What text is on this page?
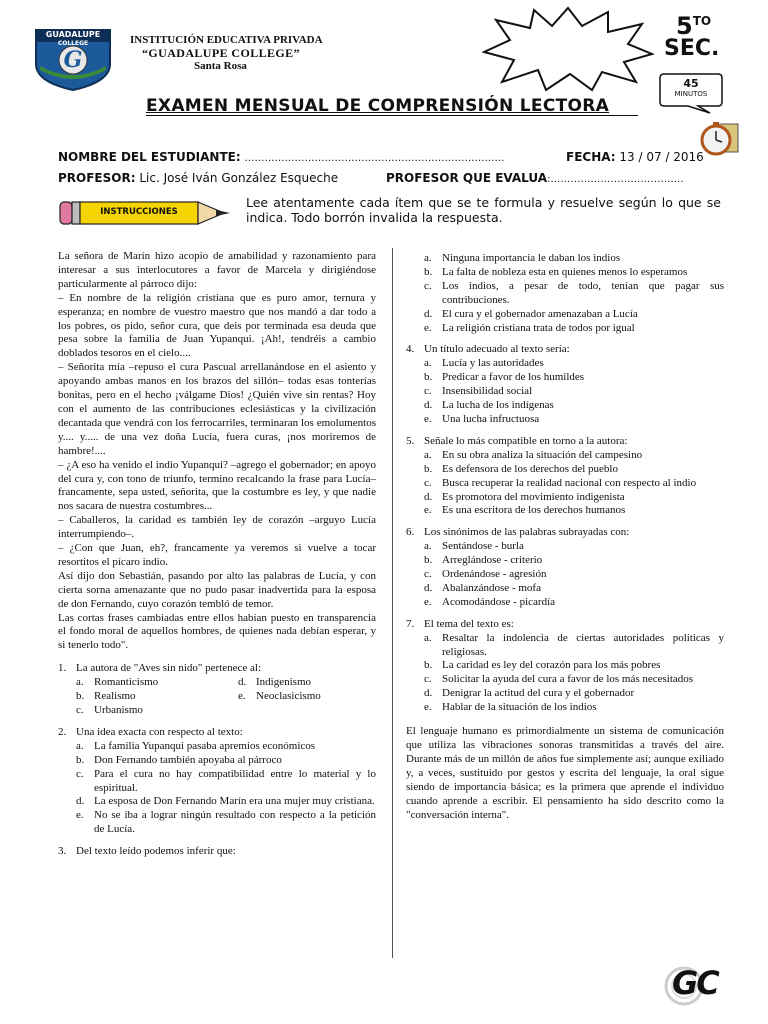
GUADALUPE
COLLEGE
G
INSTITUCIÓN EDUCATIVA PRIVADA
“GUADALUPE COLLEGE”
Santa Rosa
$5^{TO}$
SEC.
45
MINUTOS
EXAMEN MENSUAL DE COMPRENSIÓN LECTORA
NOMBRE DEL ESTUDIANTE: ……………………………………………………………………	FECHA: 13 / 07 / 2016
PROFESOR: Lic. José Iván González Esqueche	PROFESOR QUE EVALUA:………………………………….
INSTRUCCIONES
Lee atentamente cada ítem que se te formula y resuelve según lo que se indica. Todo borrón invalida la respuesta.

La señora de Marín hizo acopio de amabilidad y razonamiento para interesar a sus interlocutores a favor de Marcela y dirigiéndose particularmente al párroco dijo:

– En nombre de la religión cristiana que es puro amor, ternura y esperanza; en nombre de vuestro maestro que nos mandó a dar todo a los pobres, os pido, señor cura, que deis por terminada esa deuda que pesa sobre la familia de Juan Yupanqui. ¡Ah!, tendréis a cambio doblados tesoros en el cielo....

– Señorita mía –repuso el cura Pascual arrellanándose en el asiento y apoyando ambas manos en los brazos del sillón– todas esas tonterías bonitas, pero en el hecho ¡válgame Dios! ¿Quién vive sin rentas? Hoy con el aumento de las contribuciones eclesiásticas y la civilización decantada que vendrá con los ferrocarriles, terminaran los emolumentos y.... y..... de una vez doña Lucía, fuera curas, ¡nos moriremos de hambre!....

– ¿A eso ha venido el indio Yupanqui? –agrego el gobernador; en apoyo del cura y, con tono de triunfo, termino recalcando la frase para Lucía– francamente, sepa usted, señorita, que la costumbre es ley, y que nadie nos sacara de nuestra costumbres...

– Caballeros, la caridad es también ley de corazón –arguyo Lucía interrumpiendo–.

– ¿Con que Juan, eh?, francamente ya veremos si vuelve a tocar resortitos el pícaro indio.

Así dijo don Sebastián, pasando por alto las palabras de Lucía, y con cierta sorna amenazante que no pudo pasar inadvertida para la esposa de don Fernando, cuyo corazón tembló de temor.

Las cortas frases cambiadas entre ellos habían puesto en transparencia el fondo moral de aquellos hombres, de quienes nada debían esperar, y si tenerlo todo".

1. La autora de "Aves sin nido" pertenece al:
a. Romanticismo
b. Realismo
c. Urbanismo
d. Indigenismo
e. Neoclasicismo
2. Una idea exacta con respecto al texto:
a. La familia Yupanqui pasaba apremios económicos
b. Don Fernando también apoyaba al párroco
c. Para el cura no hay compatibilidad entre lo material y lo espiritual.
d. La esposa de Don Fernando Marín era una mujer muy cristiana.
e. No se iba a lograr ningún resultado con respecto a la petición de Lucía.
3. Del texto leído podemos inferir que:
a. Ninguna importancia le daban los indios
b. La falta de nobleza esta en quienes menos lo esperamos
c. Los indios, a pesar de todo, tenían que pagar sus contribuciones.
d. El cura y el gobernador amenazaban a Lucía
e. La religión cristiana trata de todos por igual
4. Un título adecuado al texto sería:
a. Lucía y las autoridades
b. Predicar a favor de los humildes
c. Insensibilidad social
d. La lucha de los indígenas
e. Una lucha infructuosa
5. Señale lo más compatible en torno a la autora:
a. En su obra analiza la situación del campesino
b. Es defensora de los derechos del pueblo
c. Busca recuperar la realidad nacional con respecto al indio
d. Es promotora del movimiento indigenista
e. Es una escritora de los derechos humanos
6. Los sinónimos de las palabras subrayadas con:
a. Sentándose - burla
b. Arreglándose - criterio
c. Ordenándose - agresión
d. Abalanzándose - mofa
e. Acomodándose - picardía
7. El tema del texto es:
a. Resaltar la indolencia de ciertas autoridades políticas y religiosas.
b. La caridad es ley del corazón para los más pobres
c. Solicitar la ayuda del cura a favor de los más necesitados
d. Denigrar la actitud del cura y el gobernador
e. Hablar de la situación de los indios

El lenguaje humano es primordialmente un sistema de comunicación que utiliza las vibraciones sonoras transmitidas a través del aire. Durante más de un millón de años fue simplemente así; aunque exiliado y, a veces, sustituido por gestos y escrita del lenguaje, la oral sigue siendo de importancia básica; es la primera que aprende el individuo cuando aprende a escribir. El pensamiento ha sido descrito como la "conversación interna".

GC
